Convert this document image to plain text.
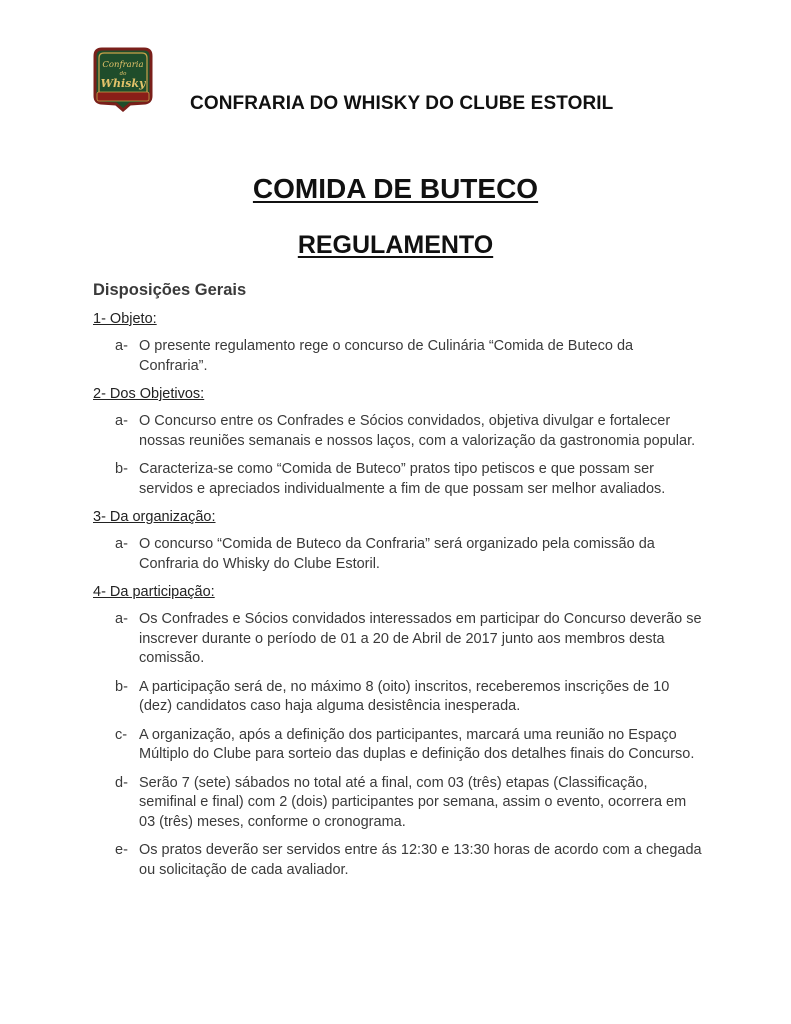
Confraria
do
Whisky
CONFRARIA DO WHISKY DO CLUBE ESTORIL
COMIDA DE BUTECO
REGULAMENTO
Disposições Gerais
1- Objeto:
a- O presente regulamento rege o concurso de Culinária “Comida de Buteco da Confraria”.
2- Dos Objetivos:
a- O Concurso entre os Confrades e Sócios convidados, objetiva divulgar e fortalecer nossas reuniões semanais e nossos laços, com a valorização da gastronomia popular.
b- Caracteriza-se como “Comida de Buteco” pratos tipo petiscos e que possam ser servidos e apreciados individualmente a fim de que possam ser melhor avaliados.
3- Da organização:
a- O concurso “Comida de Buteco da Confraria” será organizado pela comissão da Confraria do Whisky do Clube Estoril.
4- Da participação:
a- Os Confrades e Sócios convidados interessados em participar do Concurso deverão se inscrever durante o período de 01 a 20 de Abril de 2017 junto aos membros desta comissão.
b- A participação será de, no máximo 8 (oito) inscritos, receberemos inscrições de 10 (dez) candidatos caso haja alguma desistência inesperada.
c- A organização, após a definição dos participantes, marcará uma reunião no Espaço Múltiplo do Clube para sorteio das duplas e definição dos detalhes finais do Concurso.
d- Serão 7 (sete) sábados no total até a final, com 03 (três) etapas (Classificação, semifinal e final) com 2 (dois) participantes por semana, assim o evento, ocorrera em 03 (três) meses, conforme o cronograma.
e- Os pratos deverão ser servidos entre ás 12:30 e 13:30 horas de acordo com a chegada ou solicitação de cada avaliador.
